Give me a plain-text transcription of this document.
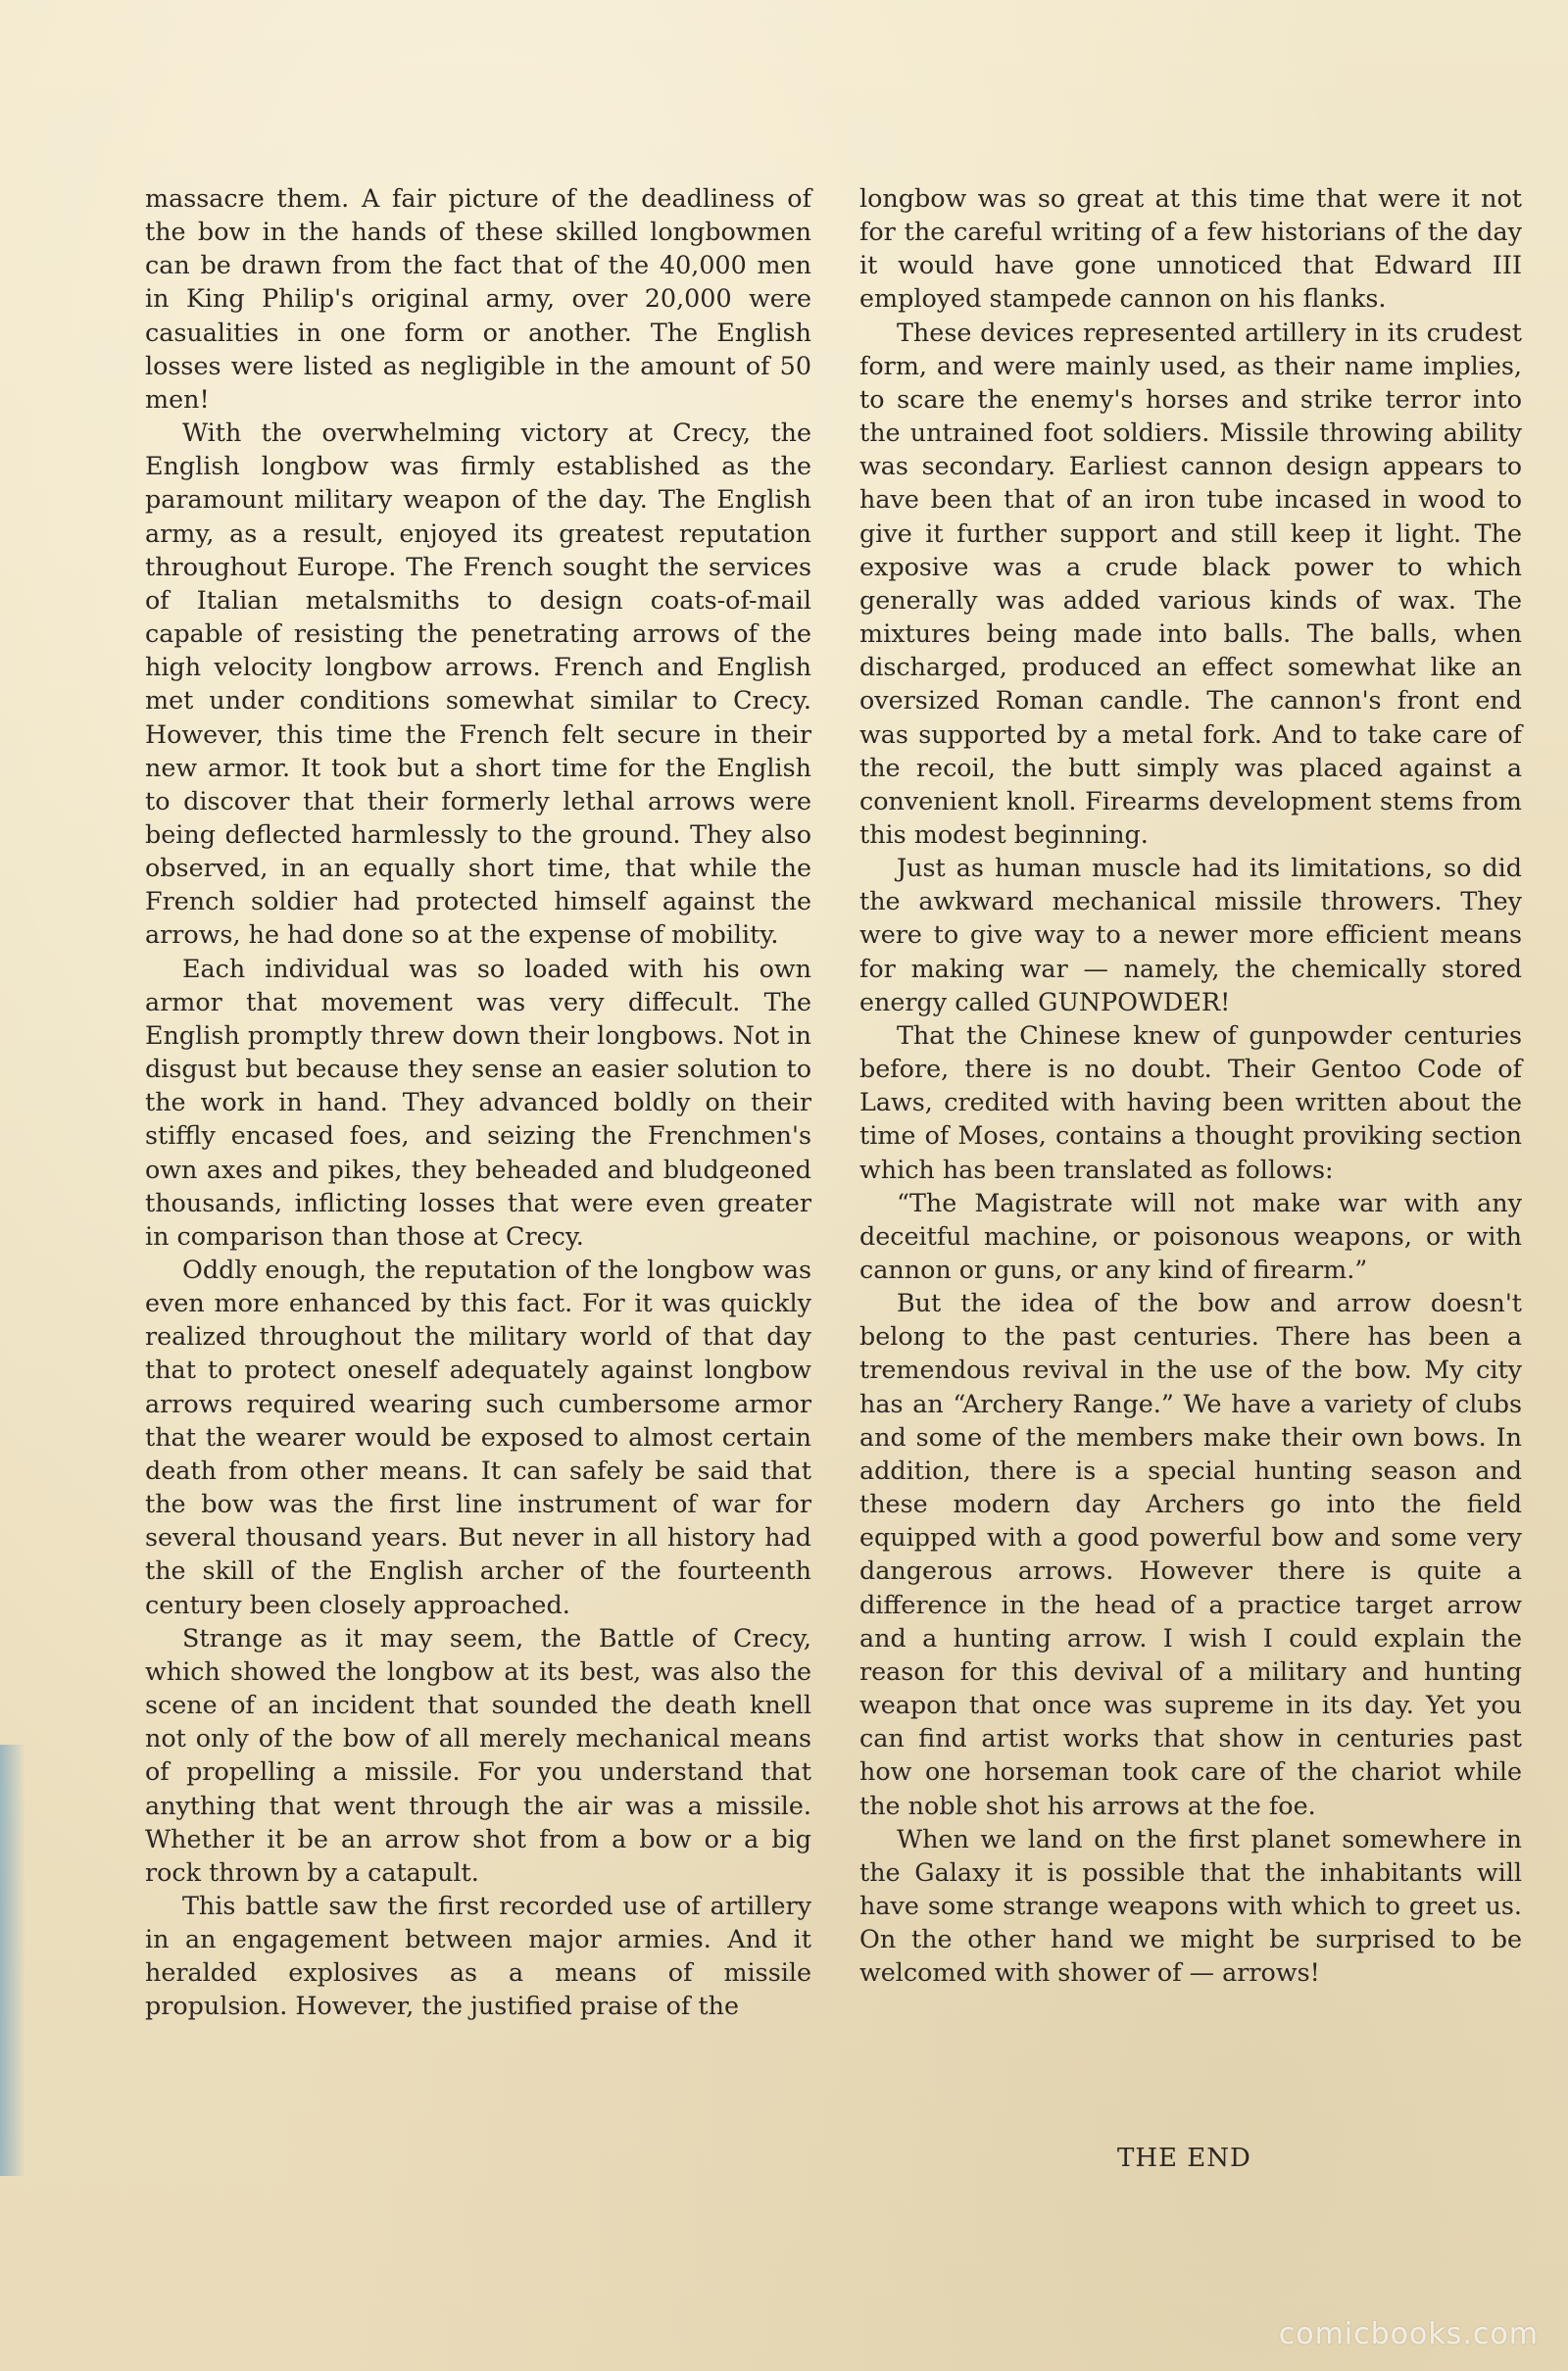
massacre them. A fair picture of the deadliness of the bow in the hands of these skilled longbowmen can be drawn from the fact that of the 40,000 men in King Philip's original army, over 20,000 were casualities in one form or another. The English losses were listed as negligible in the amount of 50 men!

With the overwhelming victory at Crecy, the English longbow was firmly established as the paramount military weapon of the day. The English army, as a result, enjoyed its greatest reputation throughout Europe. The French sought the services of Italian metalsmiths to design coats-of-mail capable of resisting the penetrating arrows of the high velocity longbow arrows. French and English met under conditions somewhat similar to Crecy. However, this time the French felt secure in their new armor. It took but a short time for the English to discover that their formerly lethal arrows were being deflected harmlessly to the ground. They also observed, in an equally short time, that while the French soldier had protected himself against the arrows, he had done so at the expense of mobility.

Each individual was so loaded with his own armor that movement was very diffecult. The English promptly threw down their longbows. Not in disgust but because they sense an easier solution to the work in hand. They advanced boldly on their stiffly encased foes, and seizing the Frenchmen's own axes and pikes, they beheaded and bludgeoned thousands, inflicting losses that were even greater in comparison than those at Crecy.

Oddly enough, the reputation of the longbow was even more enhanced by this fact. For it was quickly realized throughout the military world of that day that to protect oneself adequately against longbow arrows required wearing such cumbersome armor that the wearer would be exposed to almost certain death from other means. It can safely be said that the bow was the first line instrument of war for several thousand years. But never in all history had the skill of the English archer of the fourteenth century been closely approached.

Strange as it may seem, the Battle of Crecy, which showed the longbow at its best, was also the scene of an incident that sounded the death knell not only of the bow of all merely mechanical means of propelling a missile. For you understand that anything that went through the air was a missile. Whether it be an arrow shot from a bow or a big rock thrown by a catapult.

This battle saw the first recorded use of artillery in an engagement between major armies. And it heralded explosives as a means of missile propulsion. However, the justified praise of the

longbow was so great at this time that were it not for the careful writing of a few historians of the day it would have gone unnoticed that Edward III employed stampede cannon on his flanks.

These devices represented artillery in its crudest form, and were mainly used, as their name implies, to scare the enemy's horses and strike terror into the untrained foot soldiers. Missile throwing ability was secondary. Earliest cannon design appears to have been that of an iron tube incased in wood to give it further support and still keep it light. The exposive was a crude black power to which generally was added various kinds of wax. The mixtures being made into balls. The balls, when discharged, produced an effect somewhat like an oversized Roman candle. The cannon's front end was supported by a metal fork. And to take care of the recoil, the butt simply was placed against a convenient knoll. Firearms development stems from this modest beginning.

Just as human muscle had its limitations, so did the awkward mechanical missile throwers. They were to give way to a newer more efficient means for making war — namely, the chemically stored energy called GUNPOWDER!

That the Chinese knew of gunpowder centuries before, there is no doubt. Their Gentoo Code of Laws, credited with having been written about the time of Moses, contains a thought proviking section which has been translated as follows:

“The Magistrate will not make war with any deceitful machine, or poisonous weapons, or with cannon or guns, or any kind of firearm.”

But the idea of the bow and arrow doesn't belong to the past centuries. There has been a tremendous revival in the use of the bow. My city has an “Archery Range.” We have a variety of clubs and some of the members make their own bows. In addition, there is a special hunting season and these modern day Archers go into the field equipped with a good powerful bow and some very dangerous arrows. However there is quite a difference in the head of a practice target arrow and a hunting arrow. I wish I could explain the reason for this devival of a military and hunting weapon that once was supreme in its day. Yet you can find artist works that show in centuries past how one horseman took care of the chariot while the noble shot his arrows at the foe.

When we land on the first planet somewhere in the Galaxy it is possible that the inhabitants will have some strange weapons with which to greet us. On the other hand we might be surprised to be welcomed with shower of — arrows!

THE END
comicbooks.com
